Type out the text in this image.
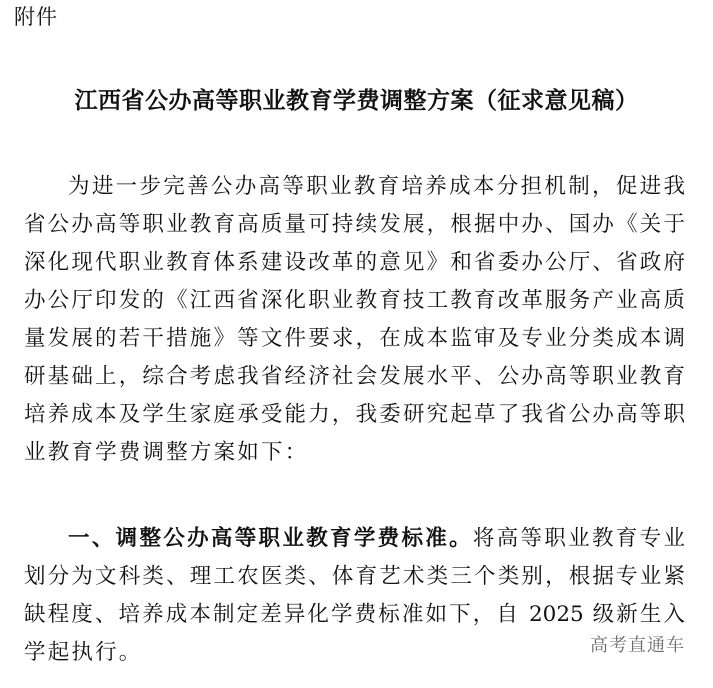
附件
江西省公办高等职业教育学费调整方案（征求意见稿）
为进一步完善公办高等职业教育培养成本分担机制，促进我
省公办高等职业教育高质量可持续发展，根据中办、国办《关于
深化现代职业教育体系建设改革的意见》和省委办公厅、省政府
办公厅印发的《江西省深化职业教育技工教育改革服务产业高质
量发展的若干措施》等文件要求，在成本监审及专业分类成本调
研基础上，综合考虑我省经济社会发展水平、公办高等职业教育
培养成本及学生家庭承受能力，我委研究起草了我省公办高等职
业教育学费调整方案如下：
一、调整公办高等职业教育学费标准。将高等职业教育专业
划分为文科类、理工农医类、体育艺术类三个类别，根据专业紧
缺程度、培养成本制定差异化学费标准如下，自 2025 级新生入
学起执行。	高考直通车
